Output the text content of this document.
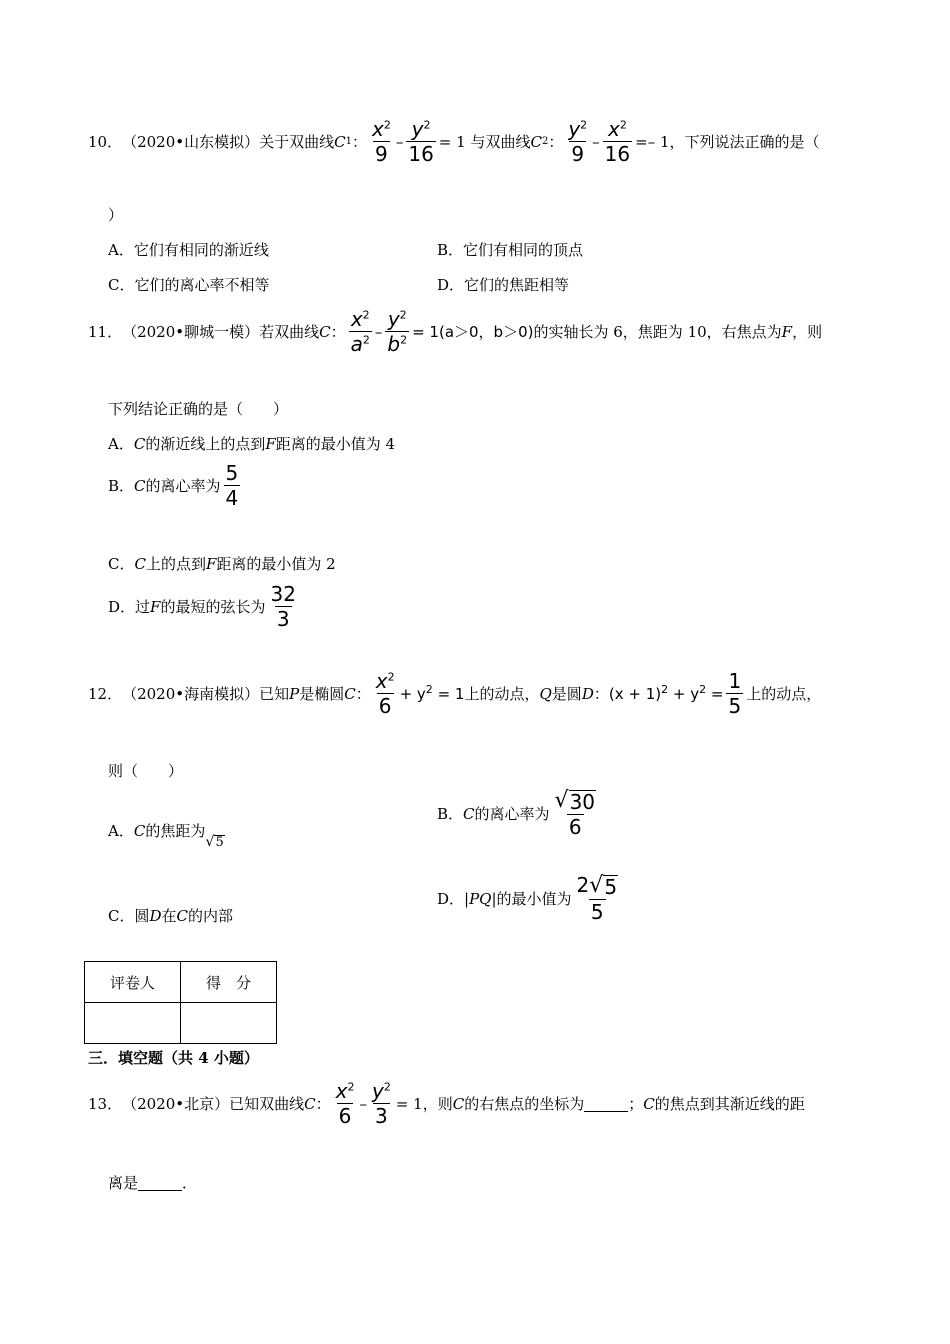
10． （2020•山东模拟）关于双曲线 C 1 ： $\frac{x^2}{9} - \frac{y^2}{16} = 1$ 与双曲线 C 2 ： $\frac{y^2}{9} - \frac{x^2}{16} =- 1$，下列说法正确的是（
）
A．它们有相同的渐近线	B．它们有相同的顶点
C．它们的离心率不相等	D．它们的焦距相等
11． （2020•聊城一模）若双曲线 C ： $\frac{x^2}{a^2} - \frac{y^2}{b^2} = 1(a>0$，b＞0) 的实轴长为 6，焦距为 10，右焦点为 F ，则
下列结论正确的是（　　）
A．C的渐近线上的点到F距离的最小值为 4
B． C 的离心率为 $\frac{5}{4}$
C．C上的点到F距离的最小值为 2
D．过 F 的最短的弦长为 $\frac{32}{3}$
12． （2020•海南模拟）已知 P 是椭圆 C ： $\frac{x^2}{6} + y^2 = 1$ 上的动点， Q 是圆 D ： $(x + 1)^2 + y^2 = \frac{1}{5}$ 上的动点，
则（　　）
A． C 的焦距为
√ 5
B． C 的离心率为 $\frac{√ 30}{6}$
C．圆D在C的内部
D． |PQ| 的最小值为 $\frac{2 √ 5}{5}$
评卷人	得　分

三．填空题（共 4 小题）
13． （2020•北京）已知双曲线 C ： $\frac{x^2}{6} - \frac{y^2}{3} = 1$，则 C 的右焦点的坐标为	； C 的焦点到其渐近线的距
离是	．
